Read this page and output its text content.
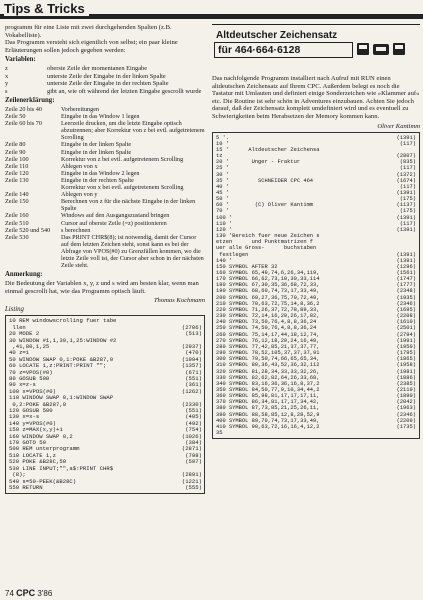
Tips & Tricks

programm für eine Liste mit zwei durchgehenden Spalten (z.B. Vokabelliste).
Das Programm versteht sich eigentlich von selbst; ein paar kleine Erläuterungen sollen jedoch gegeben werden:

Variablen:
z	oberste Zeile der momentanen Eingabe
x	unterste Zeile der Eingabe in der linken Spalte
y	unterste Zeile der Eingabe in der rechten Spalte
s	gibt an, wie oft während der letzten Eingabe gescrollt wurde
Zeilenerklärung:
Zeile 20 bis 40	Vorbereitungen
Zeile 50	Eingabe in das Window 1 legen
Zeile 60 bis 70	Leerzeile drucken, um die letzte Eingabe optisch abzutrennen; aber Korrektur von z bei evtl. aufgetretenem Scrolling
Zeile 80	Eingabe in der linken Spalte
Zeile 90	Eingabe in der linken Spalte
Zeile 100	Korrektur von z bei evtl. aufgetretenem Scrolling
Zeile 110	Ablegen von x
Zeile 120	Eingabe in das Window 2 legen
Zeile 130	Eingabe in der rechten Spalte
Korrektur von x bei evtl. aufgetretenem Scrolling
Zeile 140	Ablegen von y
Zeile 150	Berechnen von z für die nächste Eingabe in der linken Spalte
Zeile 160	Windows auf den Ausgangszustand bringen
Zeile 510	Cursor auf oberste Zeile (=z) positionieren
Zeile 520 und 540	s berechnen
Zeile 530	Das PRINT CHR$(8); ist notwendig, damit der Cursor auf dem letzten Zeichen steht, sonst kann es bei der Abfrage von VPOS(#0) zu Grenzfällen kommen, wo die letzte Zeile voll ist, der Cursor aber schon in der nächsten Zeile steht.
Anmerkung:

Die Bedeutung der Variablen x, y, z und s wird am besten klar, wenn man einmal gescrollt hat, wie das Programm optisch läuft.

Thomas Kochmann
Listing
10 REM windowscrolling fuer tabe
llen	(2706)
20 MODE 2	(513)
30 WINDOW #1,1,39,1,25:WINDOW #2
,41,80,1,25	(2937)
40 z=1	(470)
50 WINDOW SWAP 0,1:POKE &B287,0	(1994)
60 LOCATE 1,z:PRINT:PRINT "";	(1357)
70 z=VPOS(#0)	(671)
80 GOSUB 500	(551)
90 x=z-s	(361)
100 x=VPOS(#0)	(1262)
110 WINDOW SWAP 0,1:WINDOW SWAP
0,2:POKE &B287,0	(2330)
120 GOSUB 500	(551)
130 x=x-s	(405)
140 y=VPOS(#0)	(492)
150 z=MAX(x,y)+1	(754)
160 WINDOW SWAP 0,2	(1026)
170 GOTO 50	(384)
500 REM unterprogramm	(2871)
510 LOCATE 1,z	(798)
520 POKE &B28C,50	(597)
530 LINE INPUT;"",a$:PRINT CHR$
(8);	(2891)
540 s=50-PEEK(&B28C)	(1221)
550 RETURN	(555)
Altdeutscher Zeichensatz
für 464·664·6128

Das nachfolgende Programm installiert nach Aufruf mit RUN einen altdeutschen Zeichensatz auf Ihrem CPC. Außerdem belegt es noch die Tastatur mit Umlauten und definiert einige Sonderzeichen wie »Klammer auf« etc. Die Routine ist sehr schön in Adventures einzubauen. Achten Sie jedoch darauf, daß der Zeichensatz komplett umdefiniert wird und es eventuell zu Schwierigkeiten beim Herabsetzen der Memory kommen kann.

Oliver Kantimm
5 '.	(1391)
10 '	(117)
15 '      Altdeutscher Zeichensa
tz	(2807)
20 '       Unger - Fraktur	(835)
25 '	(117)
30 '	(1372)
35 '         SCHNEIDER CPC 464	(1674)
40 '	(117)
45 '	(1391)
50 '	(175)
60 '        (C) Oliver Kantimm	(1137)
70 '	(175)
100 '	(1391)
110 '	(117)
120 '	(1391)
130 'Bereich fuer neue Zeichen s
etzen      und Punktmatrizen f
uer alle Gross-      buchstaben
festlegen	(1391)
140 '	(1391)
150 SYMBOL AFTER 32	(1296)
160 SYMBOL 65,49,74,6,26,34,119,	(1561)
170 SYMBOL 66,62,73,10,30,33,114	(1747)
180 SYMBOL 67,30,35,36,68,72,33,	(1777)
190 SYMBOL 68,60,74,73,17,33,49,	(2348)
200 SYMBOL 69,27,36,75,70,72,49,	(1935)
210 SYMBOL 70,63,72,75,14,8,36,2	(2346)
220 SYMBOL 71,26,37,72,78,89,33,	(1695)
230 SYMBOL 72,14,16,20,26,17,82,	(2208)
240 SYMBOL 73,50,76,4,8,8,36,24	(1610)
250 SYMBOL 74,50,76,4,8,8,36,24	(2501)
260 SYMBOL 75,14,17,44,18,12,74,	(2794)
270 SYMBOL 76,12,18,20,24,16,49,	(1991)
280 SYMBOL 77,42,85,21,37,37,77,	(1950)
290 SYMBOL 78,52,105,37,37,37,91	(1795)
300 SYMBOL 79,50,74,66,65,65,34,	(1865)
310 SYMBOL 80,36,43,52,36,32,112	(1958)
320 SYMBOL 81,28,34,33,33,32,26,	(1981)
330 SYMBOL 82,62,82,64,26,33,68,	(1886)
340 SYMBOL 83,16,36,36,16,8,37,2	(2385)
350 SYMBOL 84,50,77,9,10,34,44,2	(2119)
360 SYMBOL 85,98,81,17,17,17,11,	(1890)
370 SYMBOL 86,34,81,17,17,34,42,	(2042)
380 SYMBOL 87,73,85,21,25,26,11,	(1963)
390 SYMBOL 88,58,85,12,8,28,52,9	(2346)
400 SYMBOL 89,70,74,73,17,33,49,	(2209)
410 SYMBOL 90,63,72,16,16,4,12,2	(1735)
35
74 CPC 3'86
